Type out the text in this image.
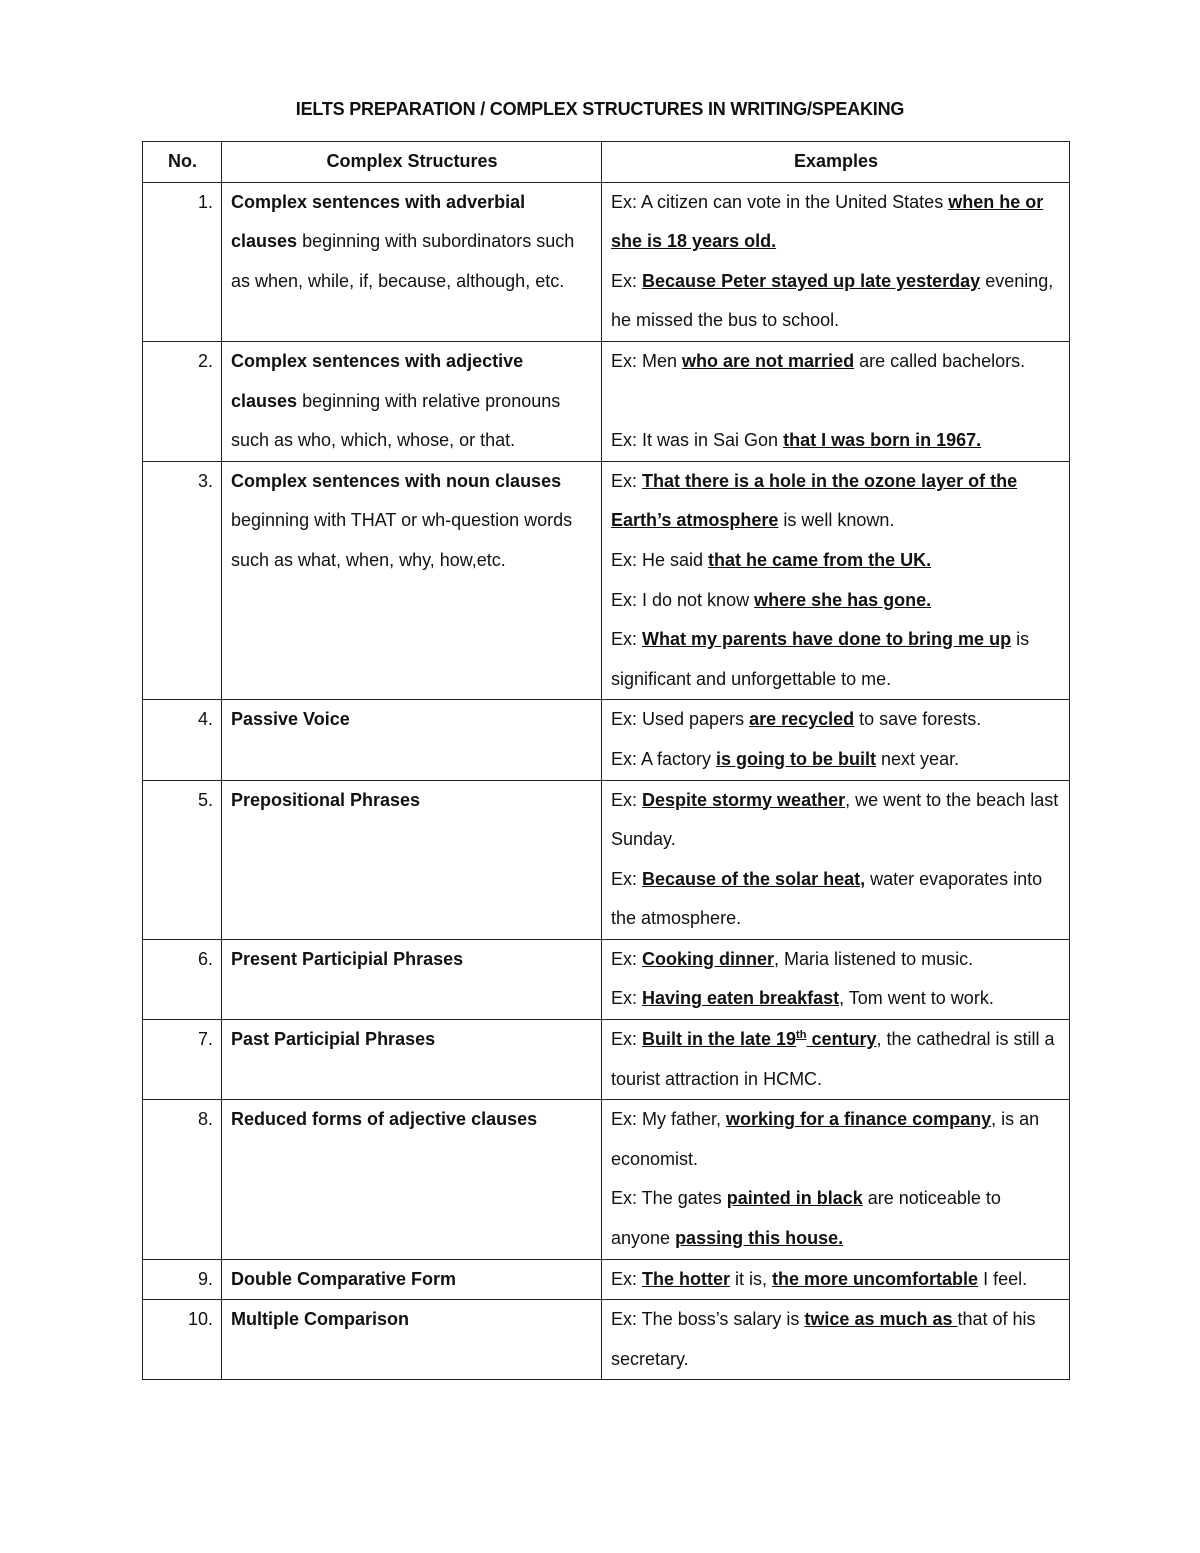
IELTS PREPARATION / COMPLEX STRUCTURES IN WRITING/SPEAKING
No.	Complex Structures	Examples
1.	Complex sentences with adverbial clauses beginning with subordinators such as when, while, if, because, although, etc.	Ex: A citizen can vote in the United States when he or she is 18 years old.
Ex: Because Peter stayed up late yesterday evening, he missed the bus to school.

2.	Complex sentences with adjective clauses beginning with relative pronouns such as who, which, whose, or that.	Ex: Men who are not married are called bachelors.

Ex: It was in Sai Gon that I was born in 1967.

3.	Complex sentences with noun clauses beginning with THAT or wh-question words such as what, when, why, how,etc.	Ex: That there is a hole in the ozone layer of the Earth’s atmosphere is well known.
Ex: He said that he came from the UK.
Ex: I do not know where she has gone.
Ex: What my parents have done to bring me up is significant and unforgettable to me.

4.	Passive Voice	Ex: Used papers are recycled to save forests.
Ex: A factory is going to be built next year.

5.	Prepositional Phrases	Ex: Despite stormy weather, we went to the beach last Sunday.
Ex: Because of the solar heat, water evaporates into the atmosphere.

6.	Present Participial Phrases	Ex: Cooking dinner, Maria listened to music.
Ex: Having eaten breakfast, Tom went to work.

7.	Past Participial Phrases	Ex: Built in the late 19th century, the cathedral is still a tourist attraction in HCMC.

8.	Reduced forms of adjective clauses	Ex: My father, working for a finance company, is an economist.
Ex: The gates painted in black are noticeable to anyone passing this house.

9.	Double Comparative Form	Ex: The hotter it is, the more uncomfortable I feel.

10.	Multiple Comparison	Ex: The boss’s salary is twice as much as that of his secretary.
